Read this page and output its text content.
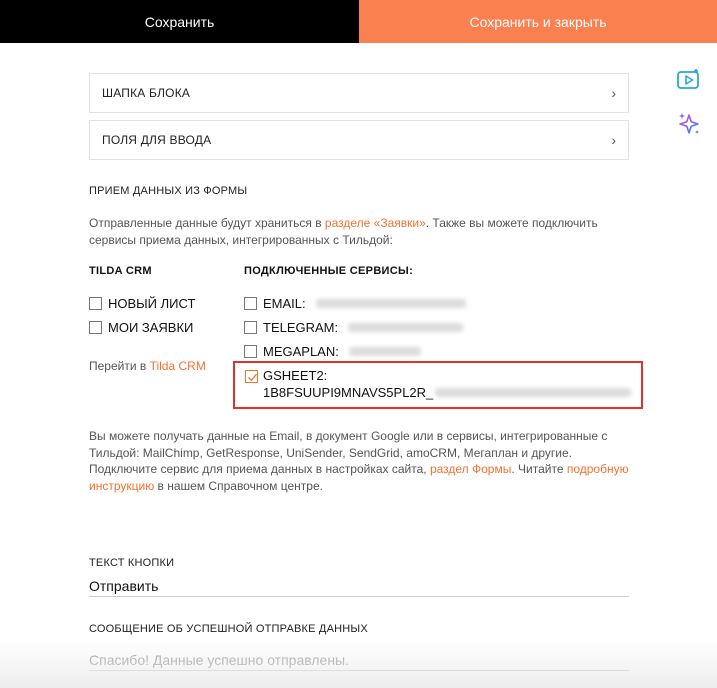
Сохранить	Сохранить и закрыть
ШАПКА БЛОКА	›
ПОЛЯ ДЛЯ ВВОДА	›
ПРИЕМ ДАННЫХ ИЗ ФОРМЫ
Отправленные данные будут храниться в разделе «Заявки». Также вы можете подключить сервисы приема данных, интегрированных с Тильдой:
TILDA CRM
НОВЫЙ ЛИСТ
МОИ ЗАЯВКИ
Перейти в Tilda CRM
ПОДКЛЮЧЕННЫЕ СЕРВИСЫ:
EMAIL:
TELEGRAM:
MEGAPLAN:
GSHEET2:
1B8FSUUPI9MNAVS5PL2R_
Вы можете получать данные на Email, в документ Google или в сервисы, интегрированные с Тильдой: MailChimp, GetResponse, UniSender, SendGrid, amoCRM, Мегаплан и другие. Подключите сервис для приема данных в настройках сайта, раздел Формы. Читайте подробную инструкцию в нашем Справочном центре.
ТЕКСТ КНОПКИ
Отправить
СООБЩЕНИЕ ОБ УСПЕШНОЙ ОТПРАВКЕ ДАННЫХ
Спасибо! Данные успешно отправлены.
